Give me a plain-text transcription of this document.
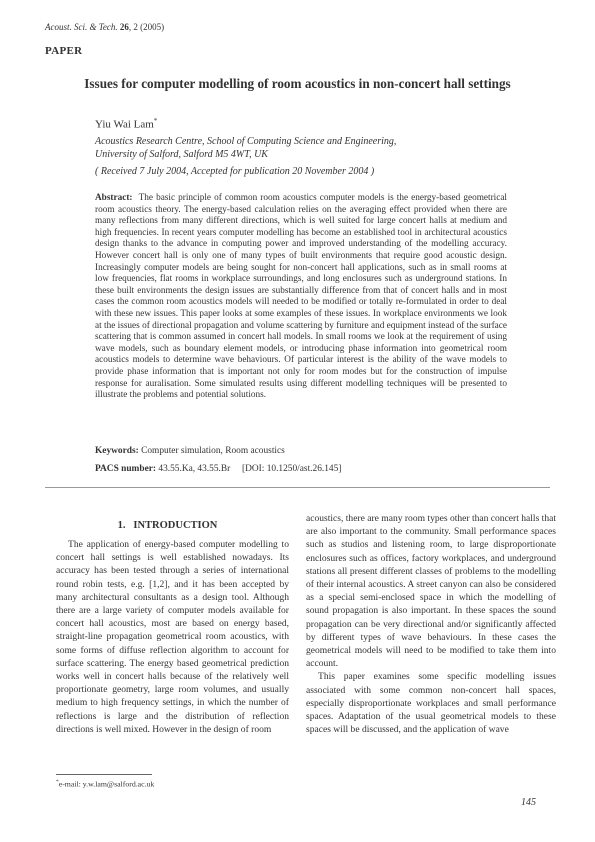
Acoust. Sci. & Tech. 26, 2 (2005)
PAPER
Issues for computer modelling of room acoustics in non-concert hall settings
Yiu Wai Lam*
Acoustics Research Centre, School of Computing Science and Engineering,
University of Salford, Salford M5 4WT, UK
( Received 7 July 2004, Accepted for publication 20 November 2004 )
Abstract: The basic principle of common room acoustics computer models is the energy-based geometrical room acoustics theory. The energy-based calculation relies on the averaging effect provided when there are many reflections from many different directions, which is well suited for large concert halls at medium and high frequencies. In recent years computer modelling has become an established tool in architectural acoustics design thanks to the advance in computing power and improved understanding of the modelling accuracy. However concert hall is only one of many types of built environments that require good acoustic design. Increasingly computer models are being sought for non-concert hall applications, such as in small rooms at low frequencies, flat rooms in workplace surroundings, and long enclosures such as underground stations. In these built environments the design issues are substantially difference from that of concert halls and in most cases the common room acoustics models will needed to be modified or totally re-formulated in order to deal with these new issues. This paper looks at some examples of these issues. In workplace environments we look at the issues of directional propagation and volume scattering by furniture and equipment instead of the surface scattering that is common assumed in concert hall models. In small rooms we look at the requirement of using wave models, such as boundary element models, or introducing phase information into geometrical room acoustics models to determine wave behaviours. Of particular interest is the ability of the wave models to provide phase information that is important not only for room modes but for the construction of impulse response for auralisation. Some simulated results using different modelling techniques will be presented to illustrate the problems and potential solutions.
Keywords: Computer simulation, Room acoustics
PACS number: 43.55.Ka, 43.55.Br     [DOI: 10.1250/ast.26.145]
1.   INTRODUCTION

The application of energy-based computer modelling to concert hall settings is well established nowadays. Its accuracy has been tested through a series of international round robin tests, e.g. [1,2], and it has been accepted by many architectural consultants as a design tool. Although there are a large variety of computer models available for concert hall acoustics, most are based on energy based, straight-line propagation geometrical room acoustics, with some forms of diffuse reflection algorithm to account for surface scattering. The energy based geometrical prediction works well in concert halls because of the relatively well proportionate geometry, large room volumes, and usually medium to high frequency settings, in which the number of reflections is large and the distribution of reflection directions is well mixed. However in the design of room

acoustics, there are many room types other than concert halls that are also important to the community. Small performance spaces such as studios and listening room, to large disproportionate enclosures such as offices, factory workplaces, and underground stations all present different classes of problems to the modelling of their internal acoustics. A street canyon can also be considered as a special semi-enclosed space in which the modelling of sound propagation is also important. In these spaces the sound propagation can be very directional and/or significantly affected by different types of wave behaviours. In these cases the geometrical models will need to be modified to take them into account.

This paper examines some specific modelling issues associated with some common non-concert hall spaces, especially disproportionate workplaces and small performance spaces. Adaptation of the usual geometrical models to these spaces will be discussed, and the application of wave

*e-mail: y.w.lam@salford.ac.uk
145
